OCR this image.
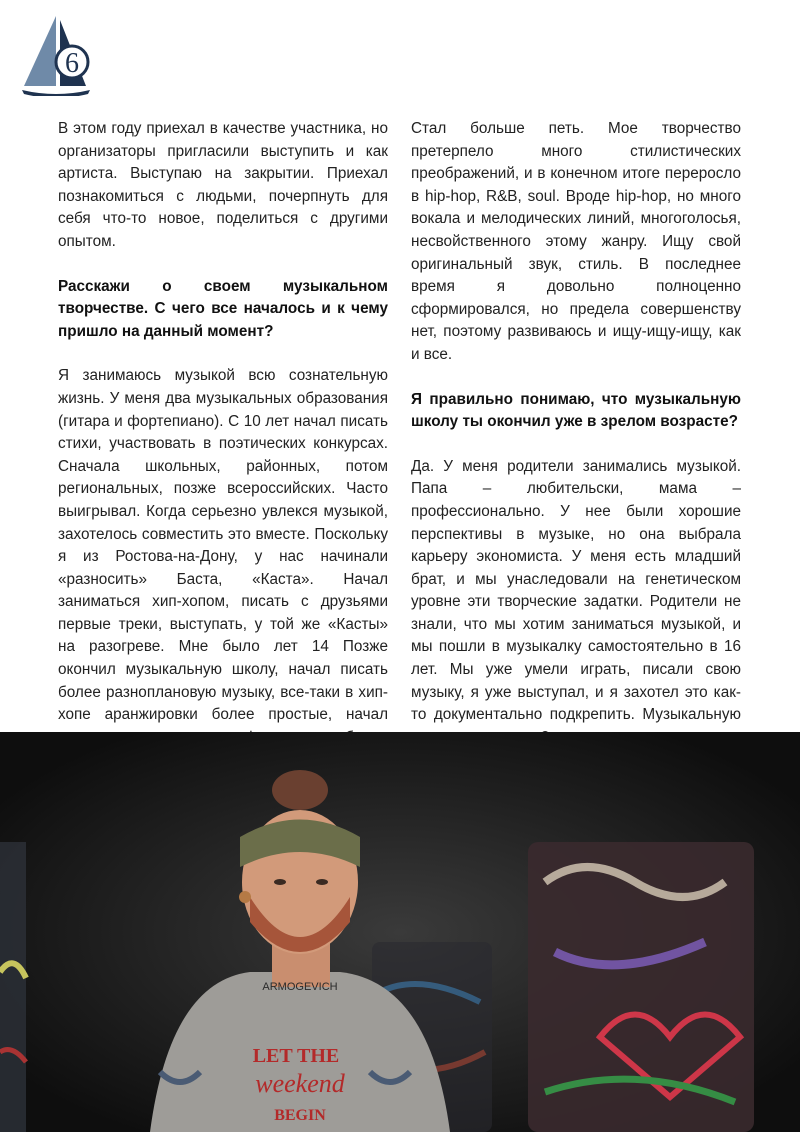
6

В этом году приехал в качестве участника, но организаторы пригласили выступить и как артиста. Выступаю на закрытии. Приехал познакомиться с людьми, почерпнуть для себя что-то новое, поделиться с другими опытом.

Расскажи о своем музыкальном творчестве. С чего все началось и к чему пришло на данный момент?

Я занимаюсь музыкой всю сознательную жизнь. У меня два музыкальных образования (гитара и фортепиано). С 10 лет начал писать стихи, участвовать в поэтических конкурсах. Сначала школьных, районных, потом региональных, позже всероссийских. Часто выигрывал. Когда серьезно увлекся музыкой, захотелось совместить это вместе. Поскольку я из Ростова-на-Дону, у нас начинали «разносить» Баста, «Каста». Начал заниматься хип-хопом, писать с друзьями первые треки, выступать, у той же «Касты» на разогреве. Мне было лет 14 Позже окончил музыкальную школу, начал писать более разноплановую музыку, все-таки в хип-хопе аранжировки более простые, начал

Стал больше петь. Мое творчество претерпело много стилистических преображений, и в конечном итоге переросло в hip-hop, R&B, soul. Вроде hip-hop, но много вокала и мелодических линий, многоголосья, несвойственного этому жанру. Ищу свой оригинальный звук, стиль. В последнее время я довольно полноценно сформировался, но предела совершенству нет, поэтому развиваюсь и ищу-ищу-ищу, как и все.

Я правильно понимаю, что музыкальную школу ты окончил уже в зрелом возрасте?

Да. У меня родители занимались музыкой. Папа – любительски, мама – профессионально. У нее были хорошие перспективы в музыке, но она выбрала карьеру экономиста. У меня есть младший брат, и мы унаследовали на генетическом уровне эти творческие задатки. Родители не знали, что мы хотим заниматься музыкой, и мы пошли в музыкалку самостоятельно в 16 лет. Мы уже умели играть, писали свою музыку, я уже выступал, и я захотел это как-то документально подкрепить. Музыкальную

ARMOGEVICH
LET THE
weekend
BEGIN
